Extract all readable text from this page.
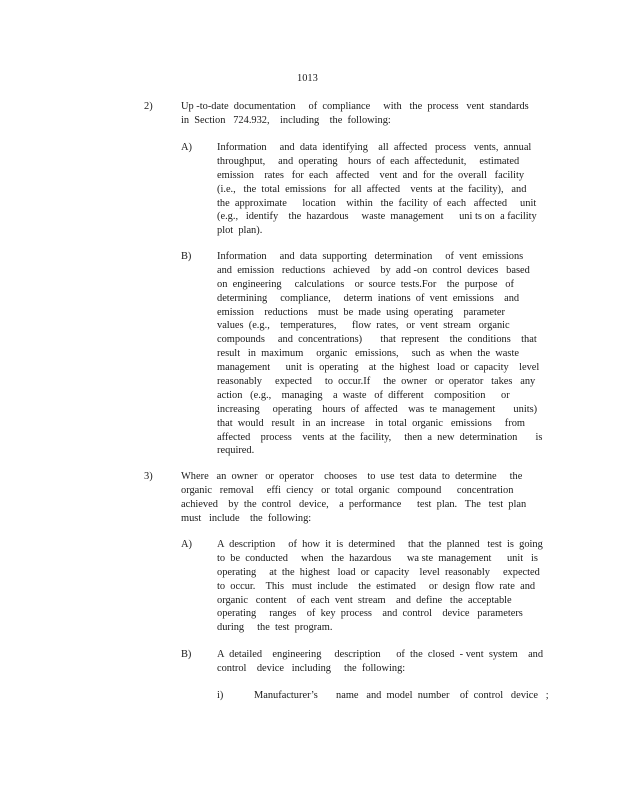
1013
2)	Up -to-date  documentation     of  compliance     with   the  process   vent  standards
in  Section   724.932,    including    the  following:
A) Information     and  data  identifying    all  affected   process   vents,  annual
throughput,     and  operating    hours  of  each  affectedunit,     estimated
emission    rates   for  each   affected    vent  and  for  the  overall   facility
(i.e.,   the  total  emissions   for  all  affected    vents  at  the  facility),   and
the  approximate      location    within   the  facility  of  each   affected     unit
(e.g.,   identify    the  hazardous     waste  management      uni ts on  a facility
plot  plan).
B) Information     and  data  supporting   determination     of  vent  emissions
and  emission   reductions   achieved    by  add -on  control  devices   based
on  engineering     calculations    or  source  tests.For    the  purpose   of
determining     compliance,     determ  inations  of  vent  emissions    and
emission    reductions    must  be  made  using  operating    parameter
values  (e.g.,    temperatures,      flow  rates,   or  vent  stream   organic
compounds     and  concentrations)       that  represent    the  conditions    that
result   in  maximum     organic   emissions,     such  as  when  the  waste
management      unit  is  operating    at  the  highest   load  or  capacity    level
reasonably     expected     to  occur.If     the  owner   or  operator   takes   any
action   (e.g.,    managing    a  waste   of  different    composition      or
increasing     operating    hours  of  affected    was  te  management       units)
that  would   result   in  an  increase    in  total  organic   emissions     from
affected    process    vents  at  the  facility,     then  a  new  determination       is
required.
3)	Where   an  owner   or  operator    chooses    to  use  test  data  to  determine     the
organic   removal     effi  ciency   or  total  organic   compound      concentration
achieved    by  the  control   device,    a  performance      test  plan.   The   test  plan
must   include    the  following:
A) A  description     of  how  it  is  determined     that  the  planned   test  is  going
to  be  conducted     when   the  hazardous      wa ste  management      unit   is
operating     at  the  highest   load  or  capacity    level  reasonably     expected
to  occur.    This   must  include    the  estimated     or  design  flow  rate  and
organic   content    of  each  vent  stream    and  define   the  acceptable
operating     ranges    of  key  process    and  control    device   parameters
during     the  test  program.
B) A  detailed    engineering     description      of  the  closed  - vent  system    and
control    device   including     the  following:
i)	Manufacturer’s       name   and  model  number    of  control   device   ;
